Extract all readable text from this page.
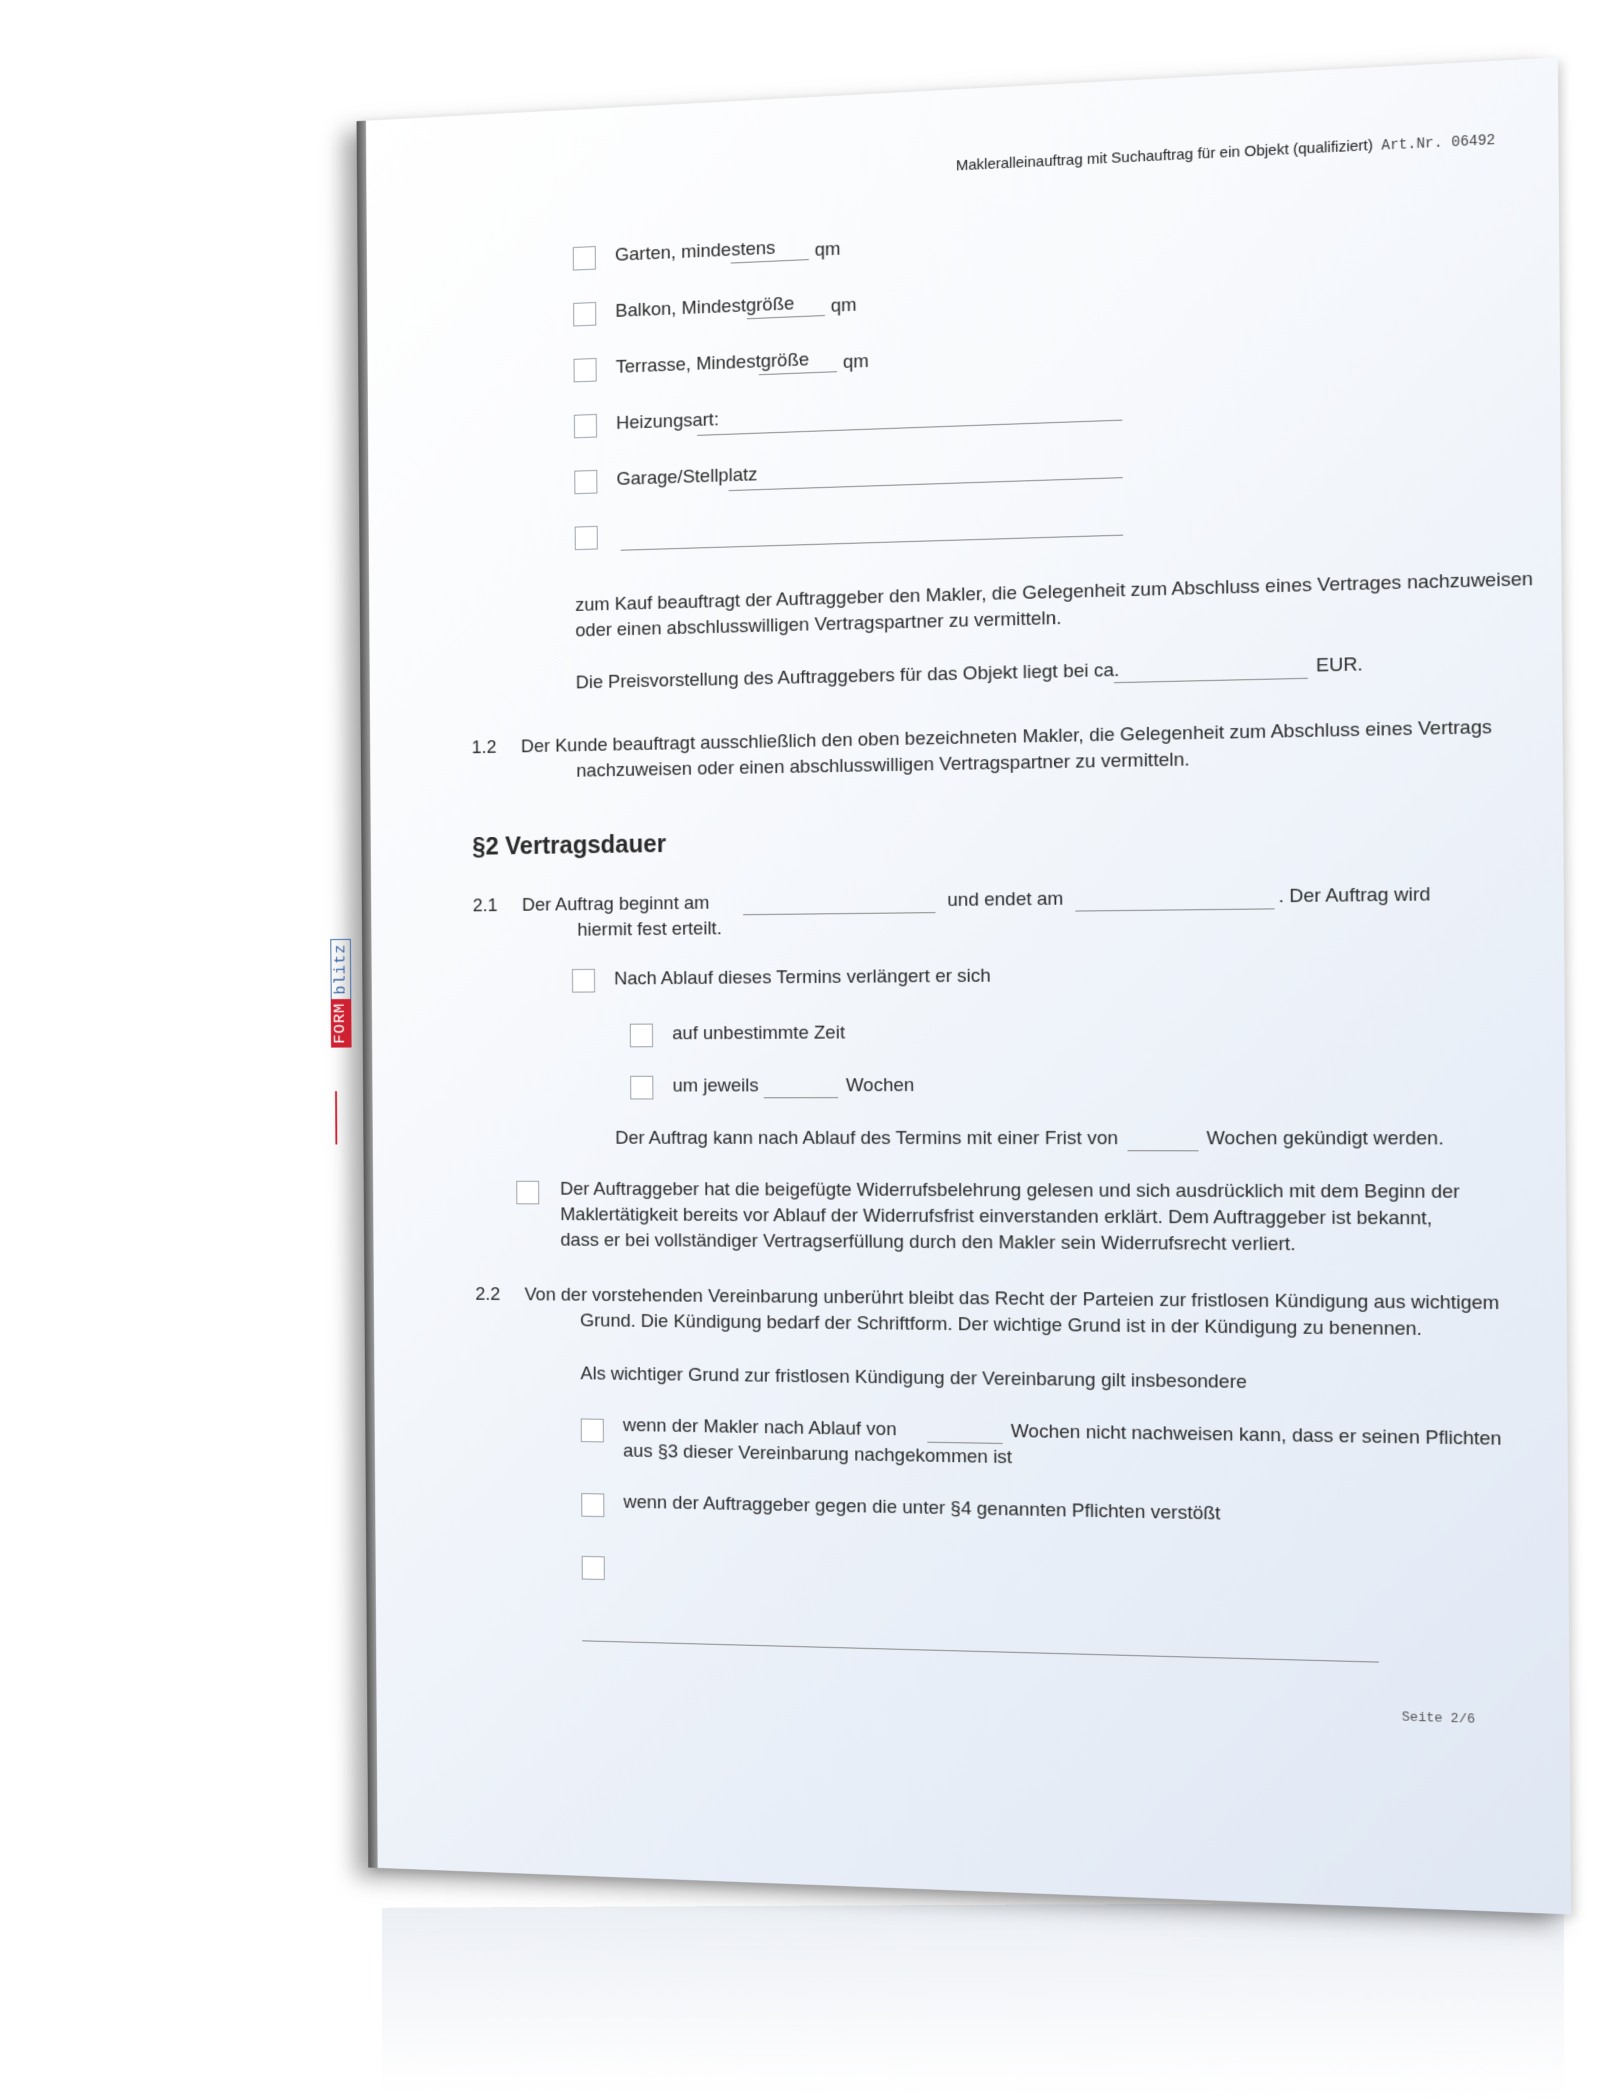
FORM
blitz
Makleralleinauftrag mit Suchauftrag für ein Objekt (qualifiziert) Art.Nr. 06492
Garten, mindestens qm
Balkon, Mindestgröße qm
Terrasse, Mindestgröße qm
Heizungsart:
Garage/Stellplatz
zum Kauf beauftragt der Auftraggeber den Makler, die Gelegenheit zum Abschluss eines Vertrages nachzuweisen
oder einen abschlusswilligen Vertragspartner zu vermitteln.
Die Preisvorstellung des Auftraggebers für das Objekt liegt bei ca.	EUR.
1.2 Der Kunde beauftragt ausschließlich den oben bezeichneten Makler, die Gelegenheit zum Abschluss eines Vertrags
nachzuweisen oder einen abschlusswilligen Vertragspartner zu vermitteln.
§2 Vertragsdauer
2.1 Der Auftrag beginnt am	und endet am	. Der Auftrag wird
hiermit fest erteilt.
Nach Ablauf dieses Termins verlängert er sich
auf unbestimmte Zeit
um jeweils	Wochen
Der Auftrag kann nach Ablauf des Termins mit einer Frist von	Wochen gekündigt werden.
Der Auftraggeber hat die beigefügte Widerrufsbelehrung gelesen und sich ausdrücklich mit dem Beginn der
Maklertätigkeit bereits vor Ablauf der Widerrufsfrist einverstanden erklärt. Dem Auftraggeber ist bekannt,
dass er bei vollständiger Vertragserfüllung durch den Makler sein Widerrufsrecht verliert.
2.2 Von der vorstehenden Vereinbarung unberührt bleibt das Recht der Parteien zur fristlosen Kündigung aus wichtigem
Grund. Die Kündigung bedarf der Schriftform. Der wichtige Grund ist in der Kündigung zu benennen.
Als wichtiger Grund zur fristlosen Kündigung der Vereinbarung gilt insbesondere
wenn der Makler nach Ablauf von	Wochen nicht nachweisen kann, dass er seinen Pflichten
aus §3 dieser Vereinbarung nachgekommen ist
wenn der Auftraggeber gegen die unter §4 genannten Pflichten verstößt
Seite 2/6
